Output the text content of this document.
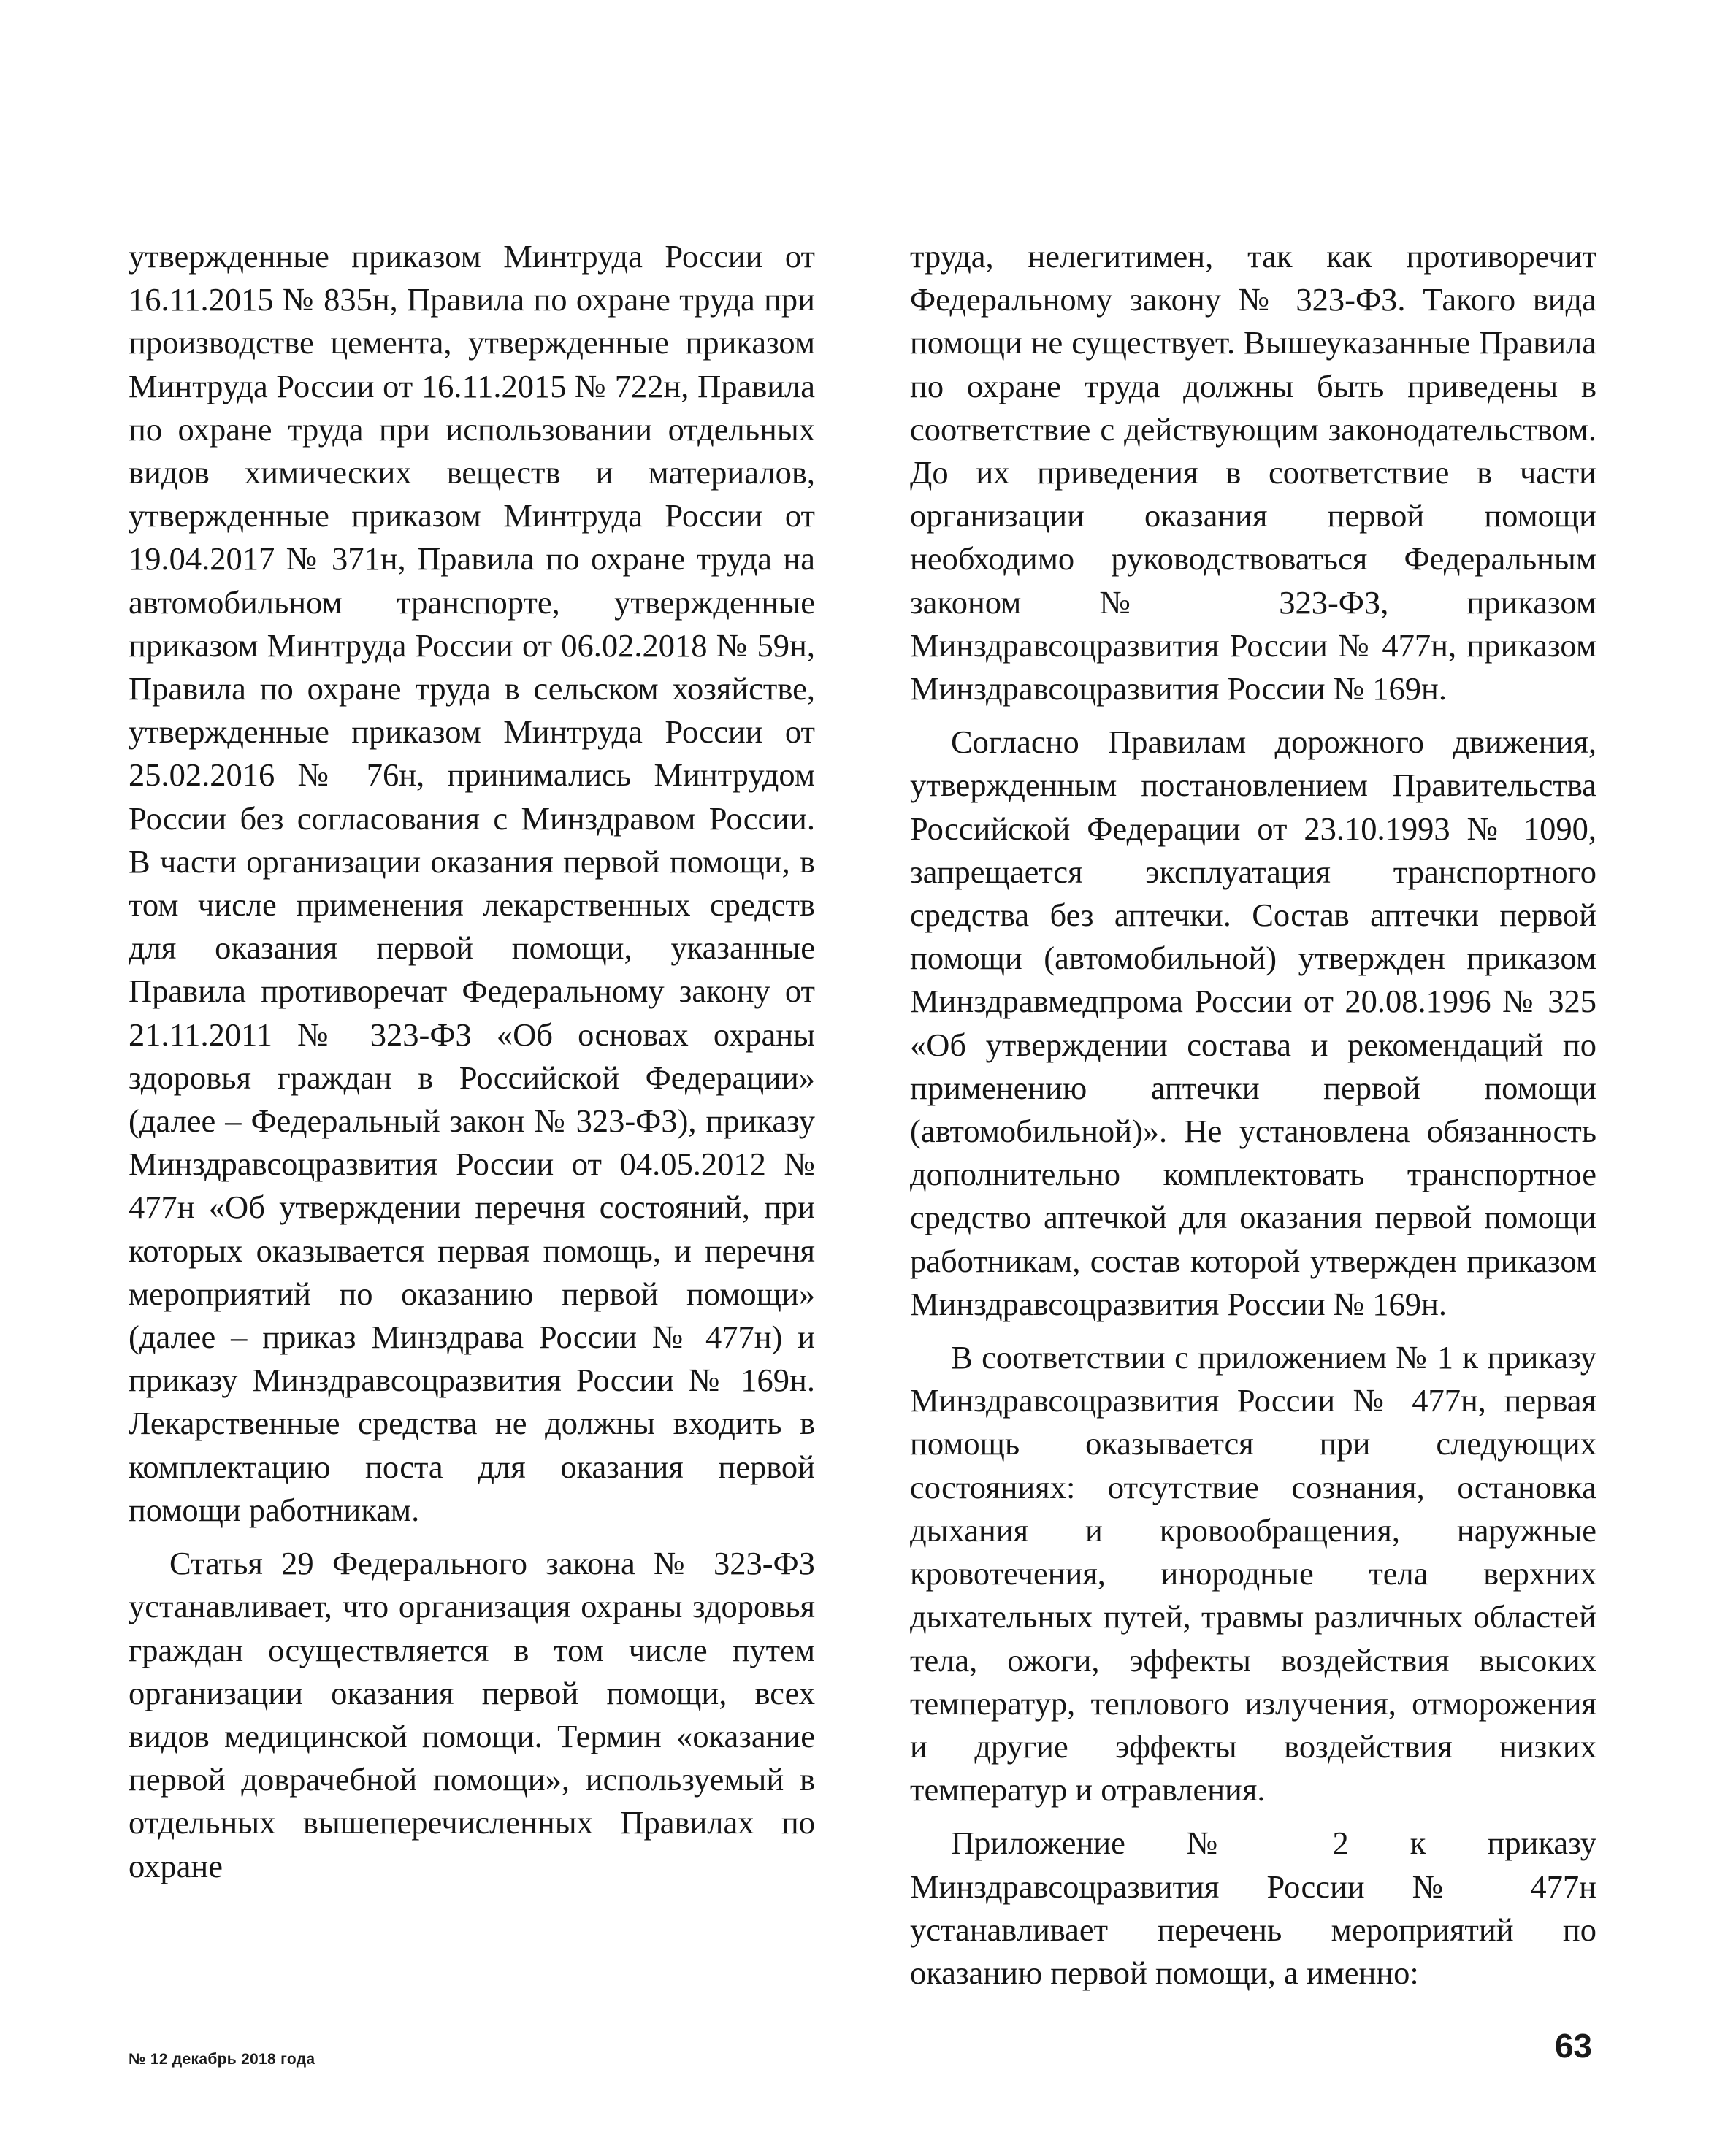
утвержденные приказом Минтруда России от 16.11.2015 № 835н, Правила по охране труда при производстве цемента, утвержденные приказом Минтруда России от 16.11.2015 № 722н, Правила по охране труда при использовании отдельных видов химических веществ и материалов, утвержденные приказом Минтруда России от 19.04.2017 № 371н, Правила по охране труда на автомобильном транспорте, утвержденные приказом Минтруда России от 06.02.2018 № 59н, Правила по охране труда в сельском хозяйстве, утвержденные приказом Минтруда России от 25.02.2016 № 76н, принимались Минтрудом России без согласования с Минздравом России. В части организации оказания первой помощи, в том числе применения лекарственных средств для оказания первой помощи, указанные Правила противоречат Федеральному закону от 21.11.2011 № 323-ФЗ «Об основах охраны здоровья граждан в Российской Федерации» (далее – Федеральный закон № 323-ФЗ), приказу Минздравсоцразвития России от 04.05.2012 № 477н «Об утверждении перечня состояний, при которых оказывается первая помощь, и перечня мероприятий по оказанию первой помощи» (далее – приказ Минздрава России № 477н) и приказу Минздравсоцразвития России № 169н. Лекарственные средства не должны входить в комплектацию поста для оказания первой помощи работникам.

Статья 29 Федерального закона № 323-ФЗ устанавливает, что организация охраны здоровья граждан осуществляется в том числе путем организации оказания первой помощи, всех видов медицинской помощи. Термин «оказание первой доврачебной помощи», используемый в отдельных вышеперечисленных Правилах по охране

труда, нелегитимен, так как противоречит Федеральному закону № 323-ФЗ. Такого вида помощи не существует. Вышеуказанные Правила по охране труда должны быть приведены в соответствие с действующим законодательством. До их приведения в соответствие в части организации оказания первой помощи необходимо руководствоваться Федеральным законом № 323-ФЗ, приказом Минздравсоцразвития России № 477н, приказом Минздравсоцразвития России № 169н.

Согласно Правилам дорожного движения, утвержденным постановлением Правительства Российской Федерации от 23.10.1993 № 1090, запрещается эксплуатация транспортного средства без аптечки. Состав аптечки первой помощи (автомобильной) утвержден приказом Минздравмедпрома России от 20.08.1996 № 325 «Об утверждении состава и рекомендаций по применению аптечки первой помощи (автомобильной)». Не установлена обязанность дополнительно комплектовать транспортное средство аптечкой для оказания первой помощи работникам, состав которой утвержден приказом Минздравсоцразвития России № 169н.

В соответствии с приложением № 1 к приказу Минздравсоцразвития России № 477н, первая помощь оказывается при следующих состояниях: отсутствие сознания, остановка дыхания и кровообращения, наружные кровотечения, инородные тела верхних дыхательных путей, травмы различных областей тела, ожоги, эффекты воздействия высоких температур, теплового излучения, отморожения и другие эффекты воздействия низких температур и отравления.

Приложение № 2 к приказу Минздравсоцразвития России № 477н устанавливает перечень мероприятий по оказанию первой помощи, а именно:

№ 12 декабрь 2018 года	63
